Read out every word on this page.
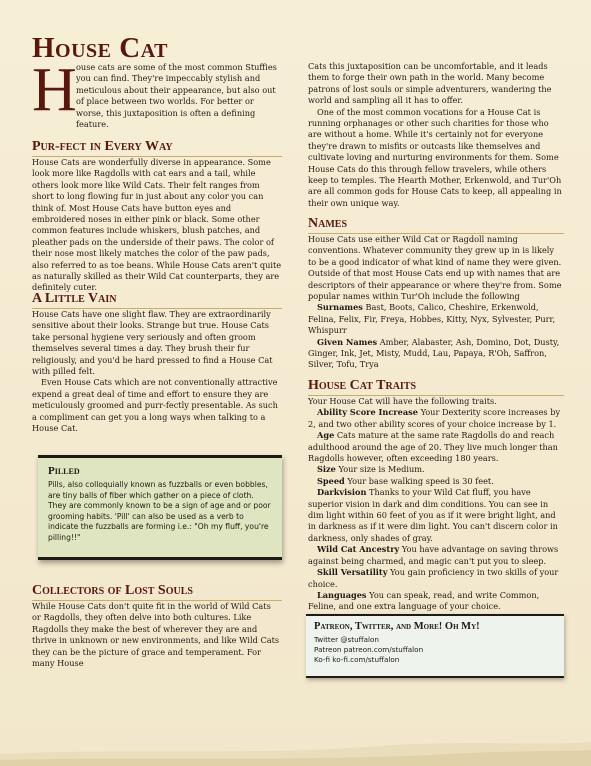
House Cat
H ouse cats are some of the most common Stuffies you can find. They're impeccably stylish and meticulous about their appearance, but also out of place between two worlds. For better or worse, this juxtaposition is often a defining feature.

Pur-fect in Every Way

House Cats are wonderfully diverse in appearance. Some look more like Ragdolls with cat ears and a tail, while others look more like Wild Cats. Their felt ranges from short to long flowing fur in just about any color you can think of. Most House Cats have button eyes and embroidered noses in either pink or black. Some other common features include whiskers, blush patches, and pleather pads on the underside of their paws. The color of their nose most likely matches the color of the paw pads, also referred to as toe beans. While House Cats aren't quite as naturally skilled as their Wild Cat counterparts, they are definitely cuter.

A Little Vain

House Cats have one slight flaw. They are extraordinarily sensitive about their looks. Strange but true. House Cats take personal hygiene very seriously and often groom themselves several times a day. They brush their fur religiously, and you'd be hard pressed to find a House Cat with pilled felt.

Even House Cats which are not conventionally attractive expend a great deal of time and effort to ensure they are meticulously groomed and purr-fectly presentable. As such a compliment can get you a long ways when talking to a House Cat.

Pilled

Pills, also colloquially known as fuzzballs or even bobbles, are tiny balls of fiber which gather on a piece of cloth. They are commonly known to be a sign of age and or poor grooming habits. 'Pill' can also be used as a verb to indicate the fuzzballs are forming i.e.: "Oh my fluff, you're pilling!!"

Collectors of Lost Souls

While House Cats don't quite fit in the world of Wild Cats or Ragdolls, they often delve into both cultures. Like Ragdolls they make the best of wherever they are and thrive in unknown or new environments, and like Wild Cats they can be the picture of grace and temperament. For many House

Cats this juxtaposition can be uncomfortable, and it leads them to forge their own path in the world. Many become patrons of lost souls or simple adventurers, wandering the world and sampling all it has to offer.

One of the most common vocations for a House Cat is running orphanages or other such charities for those who are without a home. While it's certainly not for everyone they're drawn to misfits or outcasts like themselves and cultivate loving and nurturing environments for them. Some House Cats do this through fellow travelers, while others keep to temples. The Hearth Mother, Erkenwold, and Tur'Oh are all common gods for House Cats to keep, all appealing in their own unique way.

Names

House Cats use either Wild Cat or Ragdoll naming conventions. Whatever community they grew up in is likely to be a good indicator of what kind of name they were given. Outside of that most House Cats end up with names that are descriptors of their appearance or where they're from. Some popular names within Tur'Oh include the following

Surnames Bast, Boots, Calico, Cheshire, Erkenwold, Felina, Felix, Fir, Freya, Hobbes, Kitty, Nyx, Sylvester, Purr, Whispurr

Given Names Amber, Alabaster, Ash, Domino, Dot, Dusty, Ginger, Ink, Jet, Misty, Mudd, Lau, Papaya, R'Oh, Saffron, Silver, Tofu, Trya

House Cat Traits

Your House Cat will have the following traits.

Ability Score Increase Your Dexterity score increases by 2, and two other ability scores of your choice increase by 1.

Age Cats mature at the same rate Ragdolls do and reach adulthood around the age of 20. They live much longer than Ragdolls however, often exceeding 180 years.

Size Your size is Medium.

Speed Your base walking speed is 30 feet.

Darkvision Thanks to your Wild Cat fluff, you have superior vision in dark and dim conditions. You can see in dim light within 60 feet of you as if it were bright light, and in darkness as if it were dim light. You can't discern color in darkness, only shades of gray.

Wild Cat Ancestry You have advantage on saving throws against being charmed, and magic can't put you to sleep.

Skill Versatility You gain proficiency in two skills of your choice.

Languages You can speak, read, and write Common, Feline, and one extra language of your choice.

Patreon, Twitter, and More! Oh My!

Twitter @stuffalon

Patreon patreon.com/stuffalon

Ko-fi ko-fi.com/stuffalon
